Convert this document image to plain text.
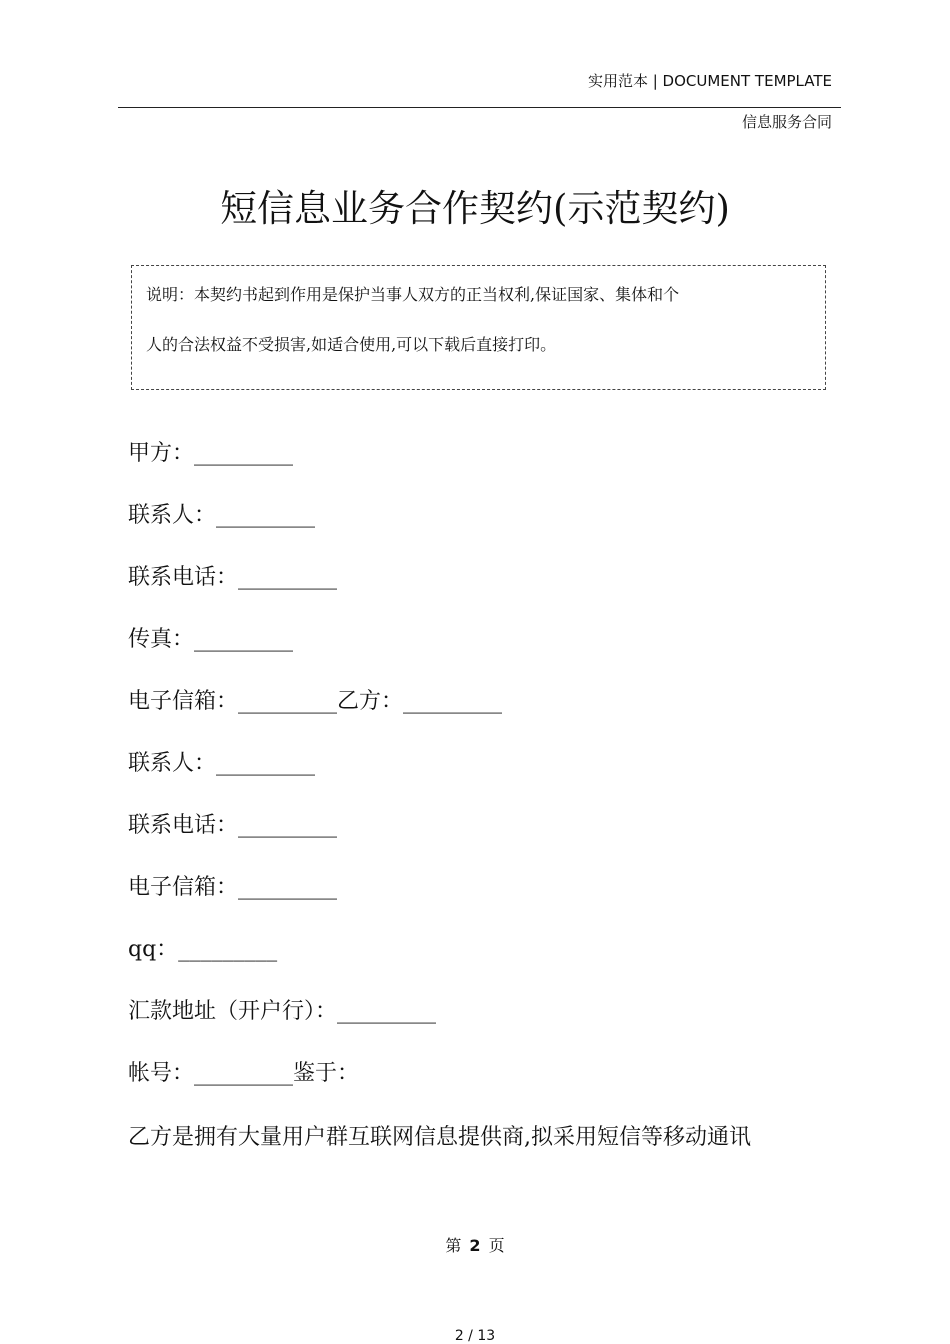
实用范本 | DOCUMENT TEMPLATE
信息服务合同
短信息业务合作契约(示范契约)

说明：本契约书起到作用是保护当事人双方的正当权利,保证国家、集体和个

人的合法权益不受损害,如适合使用,可以下载后直接打印。

甲方：_________
联系人：_________
联系电话：_________
传真：_________
电子信箱：_________乙方：_________
联系人：_________
联系电话：_________
电子信箱：_________
qq：_________
汇款地址（开户行）：_________
帐号：_________鉴于：
乙方是拥有大量用户群互联网信息提供商,拟采用短信等移动通讯
第 2 页
2 / 13
